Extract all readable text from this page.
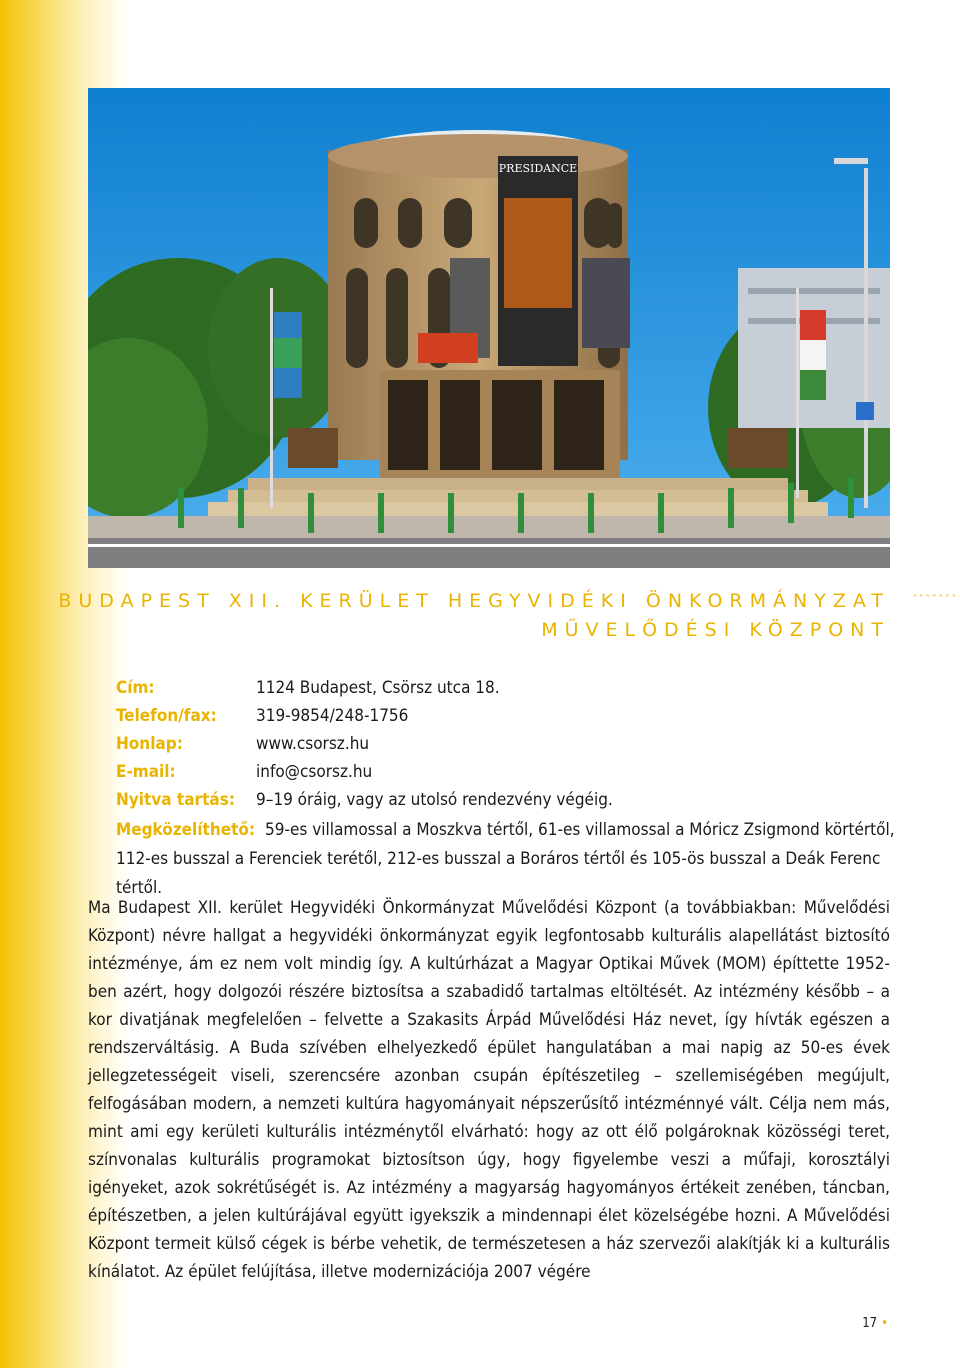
PRESIDANCE
BUDAPEST XII. KERÜLET HEGYVIDÉKI ÖNKORMÁNYZAT ˄˅˄˅˄˅˄
MŰVELŐDÉSI KÖZPONT
Cím:	1124 Budapest, Csörsz utca 18.
Telefon/fax: 319-9854/248-1756
Honlap:	www.csorsz.hu
E-mail:	info@csorsz.hu
Nyitva tartás: 9–19 óráig, vagy az utolsó rendezvény végéig.
Megközelíthető: 59-es villamossal a Moszkva tértől, 61-es villamossal a Móricz Zsigmond körtértől, 112-es busszal a Ferenciek terétől, 212-es busszal a Boráros tértől és 105-ös busszal a Deák Ferenc tértől.
Ma Budapest XII. kerület Hegyvidéki Önkormányzat Művelődési Központ (a továbbiakban: Művelődési Központ) névre hallgat a hegyvidéki önkormányzat egyik legfontosabb kulturális alapellátást biztosító intézménye, ám ez nem volt mindig így. A kultúrházat a Magyar Optikai Művek (MOM) építtette 1952-ben azért, hogy dolgozói részére biztosítsa a szabadidő tartalmas eltöltését. Az intézmény később – a kor divatjának megfelelően – felvette a Szakasits Árpád Művelődési Ház nevet, így hívták egészen a rendszerváltásig. A Buda szívében elhelyezkedő épület hangulatában a mai napig az 50-es évek jellegzetességeit viseli, szerencsére azonban csupán építészetileg – szellemiségében megújult, felfogásában modern, a nemzeti kultúra hagyományait népszerűsítő intézménnyé vált. Célja nem más, mint ami egy kerületi kulturális intézménytől elvárható: hogy az ott élő polgároknak közösségi teret, színvonalas kulturális programokat biztosítson úgy, hogy figyelembe veszi a műfaji, korosztályi igényeket, azok sokrétűségét is. Az intézmény a magyarság hagyományos értékeit zenében, táncban, építészetben, a jelen kultúrájával együtt igyekszik a mindennapi élet közelségébe hozni. A Művelődési Központ termeit külső cégek is bérbe vehetik, de természetesen a ház szervezői alakítják ki a kulturális kínálatot. Az épület felújítása, illetve modernizációja 2007 végére
17 •
